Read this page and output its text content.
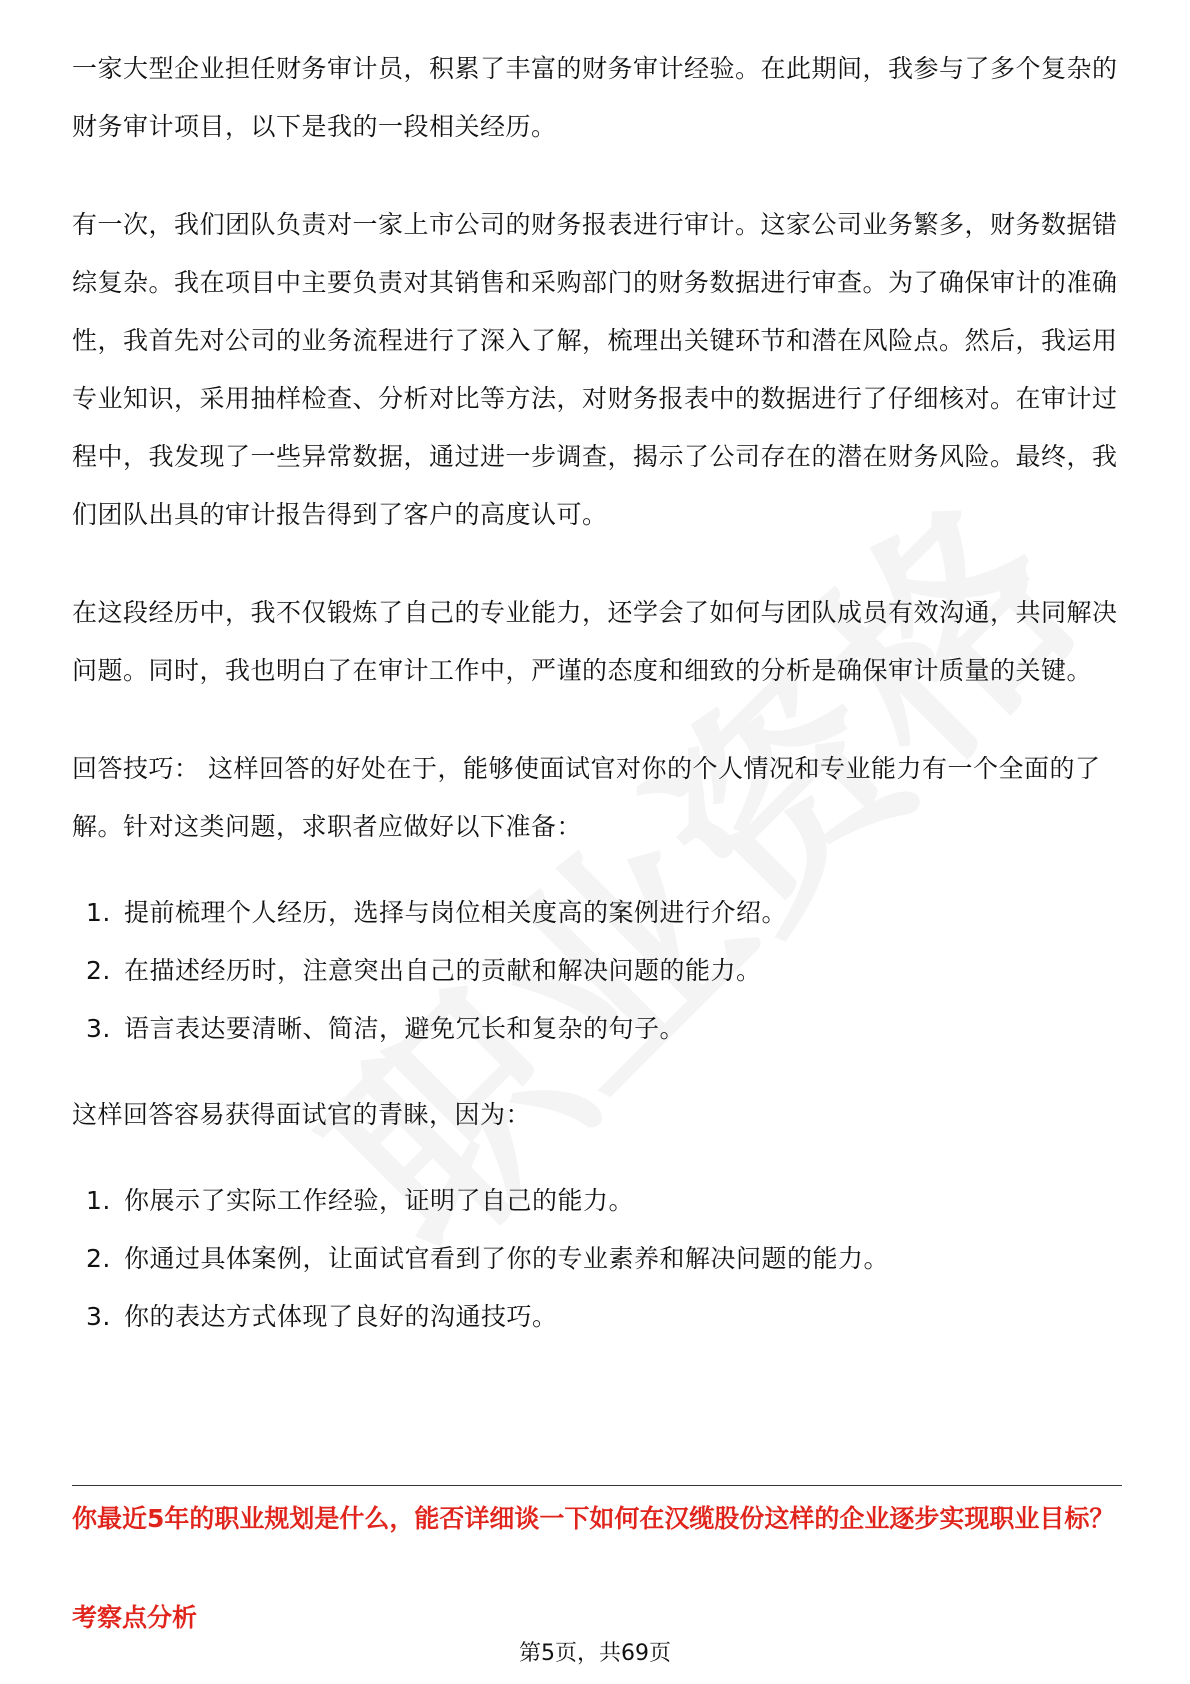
一家大型企业担任财务审计员，积累了丰富的财务审计经验。在此期间，我参与了多个复杂的财务审计项目，以下是我的一段相关经历。

有一次，我们团队负责对一家上市公司的财务报表进行审计。这家公司业务繁多，财务数据错综复杂。我在项目中主要负责对其销售和采购部门的财务数据进行审查。为了确保审计的准确性，我首先对公司的业务流程进行了深入了解，梳理出关键环节和潜在风险点。然后，我运用专业知识，采用抽样检查、分析对比等方法，对财务报表中的数据进行了仔细核对。在审计过程中，我发现了一些异常数据，通过进一步调查，揭示了公司存在的潜在财务风险。最终，我们团队出具的审计报告得到了客户的高度认可。

在这段经历中，我不仅锻炼了自己的专业能力，还学会了如何与团队成员有效沟通，共同解决问题。同时，我也明白了在审计工作中，严谨的态度和细致的分析是确保审计质量的关键。

回答技巧： 这样回答的好处在于，能够使面试官对你的个人情况和专业能力有一个全面的了解。针对这类问题，求职者应做好以下准备：

1. 提前梳理个人经历，选择与岗位相关度高的案例进行介绍。
2. 在描述经历时，注意突出自己的贡献和解决问题的能力。
3. 语言表达要清晰、简洁，避免冗长和复杂的句子。

这样回答容易获得面试官的青睐，因为：

1. 你展示了实际工作经验，证明了自己的能力。
2. 你通过具体案例，让面试官看到了你的专业素养和解决问题的能力。
3. 你的表达方式体现了良好的沟通技巧。

你最近5年的职业规划是什么，能否详细谈一下如何在汉缆股份这样的企业逐步实现职业目标？

考察点分析

第5页，共69页
